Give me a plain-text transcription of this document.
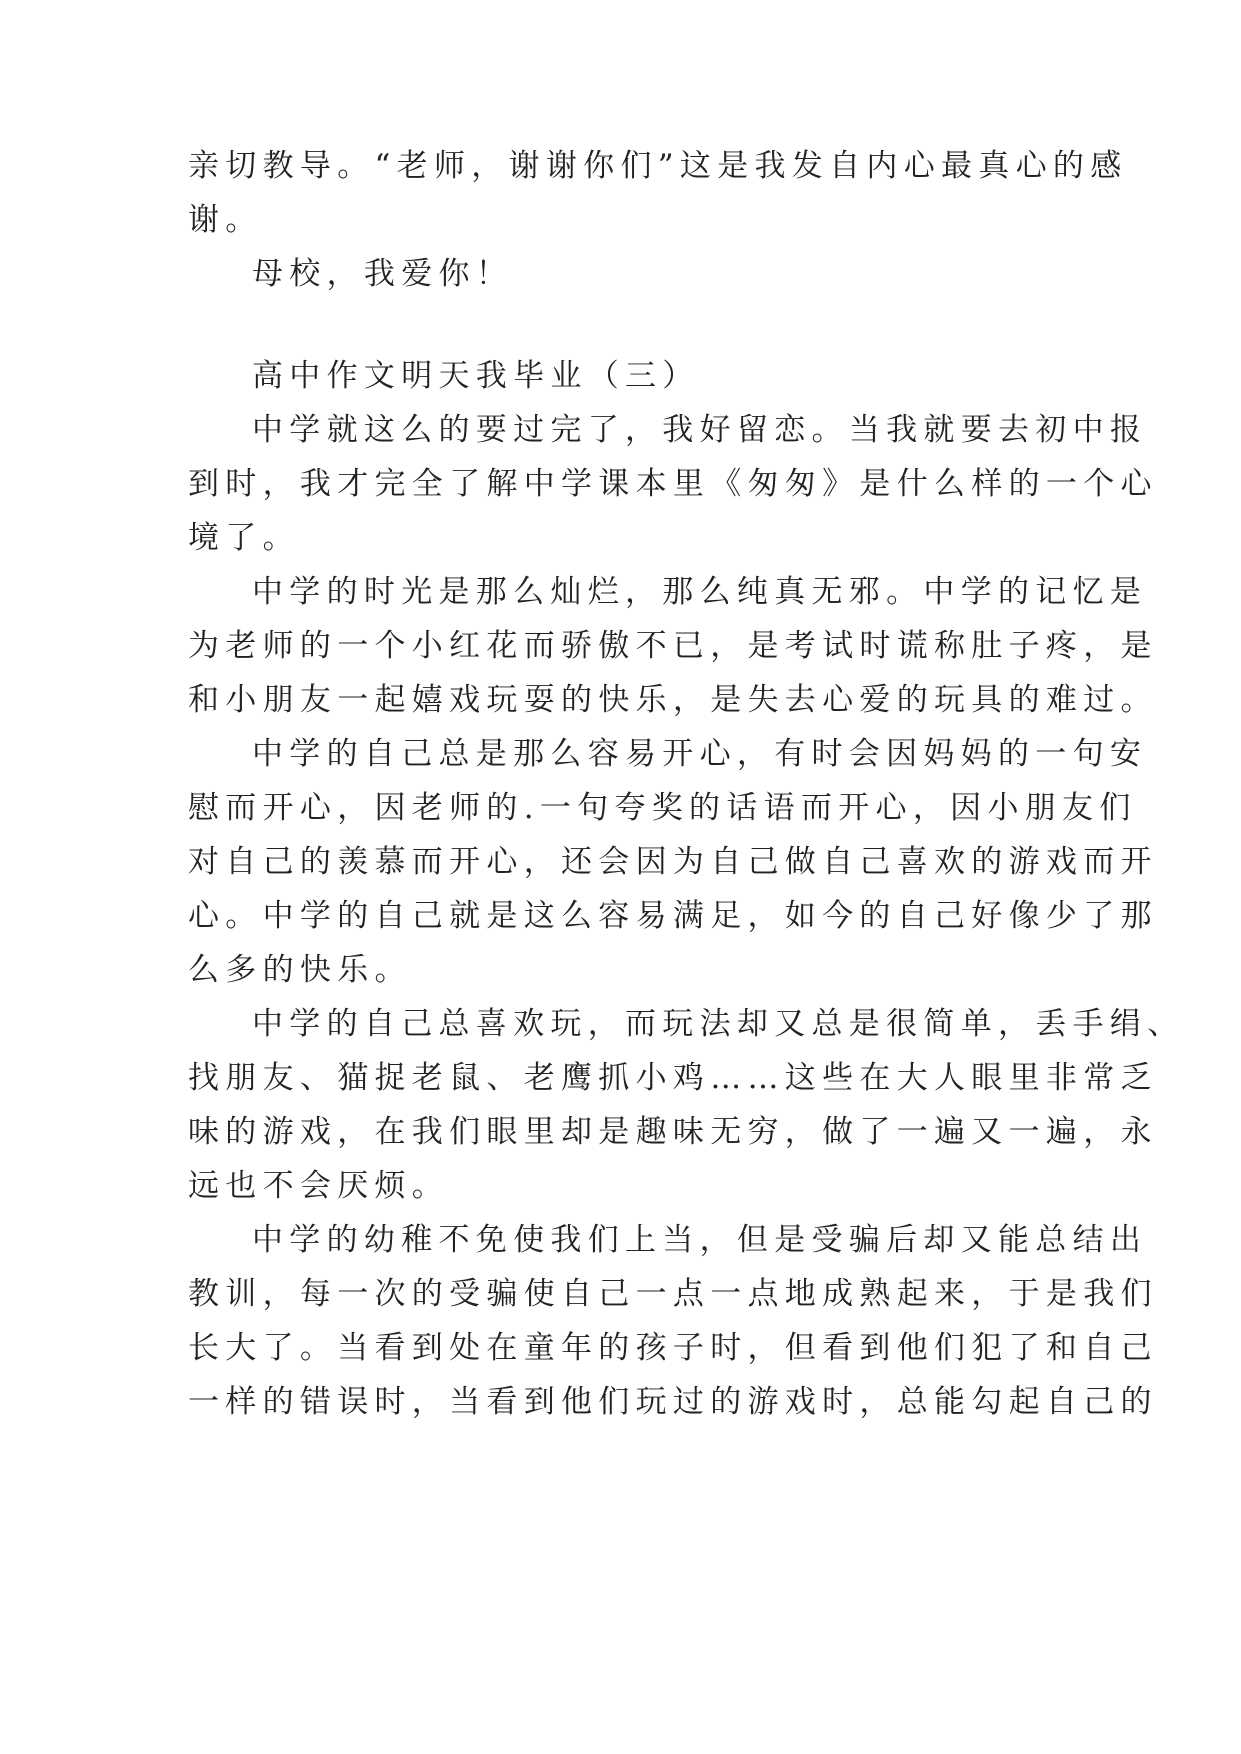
亲切教导。“老师，谢谢你们”这是我发自内心最真心的感
谢。
母校，我爱你！
高中作文明天我毕业（三）
中学就这么的要过完了，我好留恋。当我就要去初中报
到时，我才完全了解中学课本里《匆匆》是什么样的一个心
境了。
中学的时光是那么灿烂，那么纯真无邪。中学的记忆是
为老师的一个小红花而骄傲不已，是考试时谎称肚子疼，是
和小朋友一起嬉戏玩耍的快乐，是失去心爱的玩具的难过。
中学的自己总是那么容易开心，有时会因妈妈的一句安
慰而开心，因老师的.一句夸奖的话语而开心，因小朋友们
对自己的羡慕而开心，还会因为自己做自己喜欢的游戏而开
心。中学的自己就是这么容易满足，如今的自己好像少了那
么多的快乐。
中学的自己总喜欢玩，而玩法却又总是很简单，丢手绢、
找朋友、猫捉老鼠、老鹰抓小鸡……这些在大人眼里非常乏
味的游戏，在我们眼里却是趣味无穷，做了一遍又一遍，永
远也不会厌烦。
中学的幼稚不免使我们上当，但是受骗后却又能总结出
教训，每一次的受骗使自己一点一点地成熟起来，于是我们
长大了。当看到处在童年的孩子时，但看到他们犯了和自己
一样的错误时，当看到他们玩过的游戏时，总能勾起自己的
